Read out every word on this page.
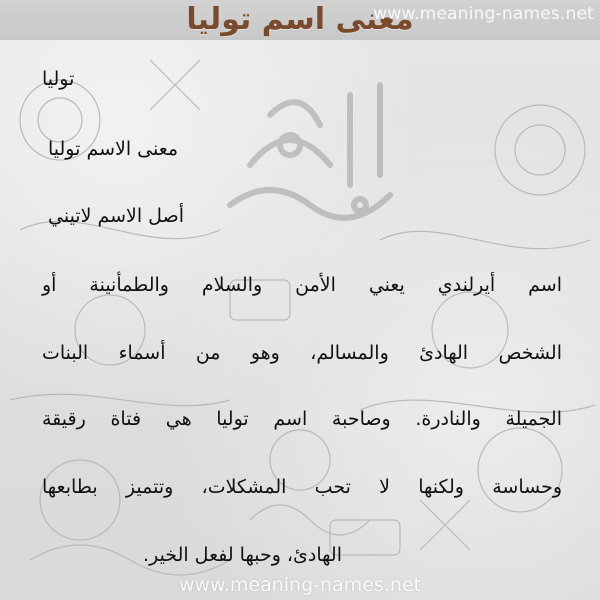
معنى اسم توليا
www.meaning-names.net
توليا
معنى الاسم توليا
أصل الاسم لاتيني
اسم أيرلندي يعني الأمن والسلام والطمأنينة أو
الشخص الهادئ والمسالم، وهو من أسماء البنات
الجميلة والنادرة. وصاحبة اسم توليا هي فتاة رقيقة
وحساسة ولكنها لا تحب المشكلات، وتتميز بطابعها
الهادئ، وحبها لفعل الخير.
www.meaning-names.net
